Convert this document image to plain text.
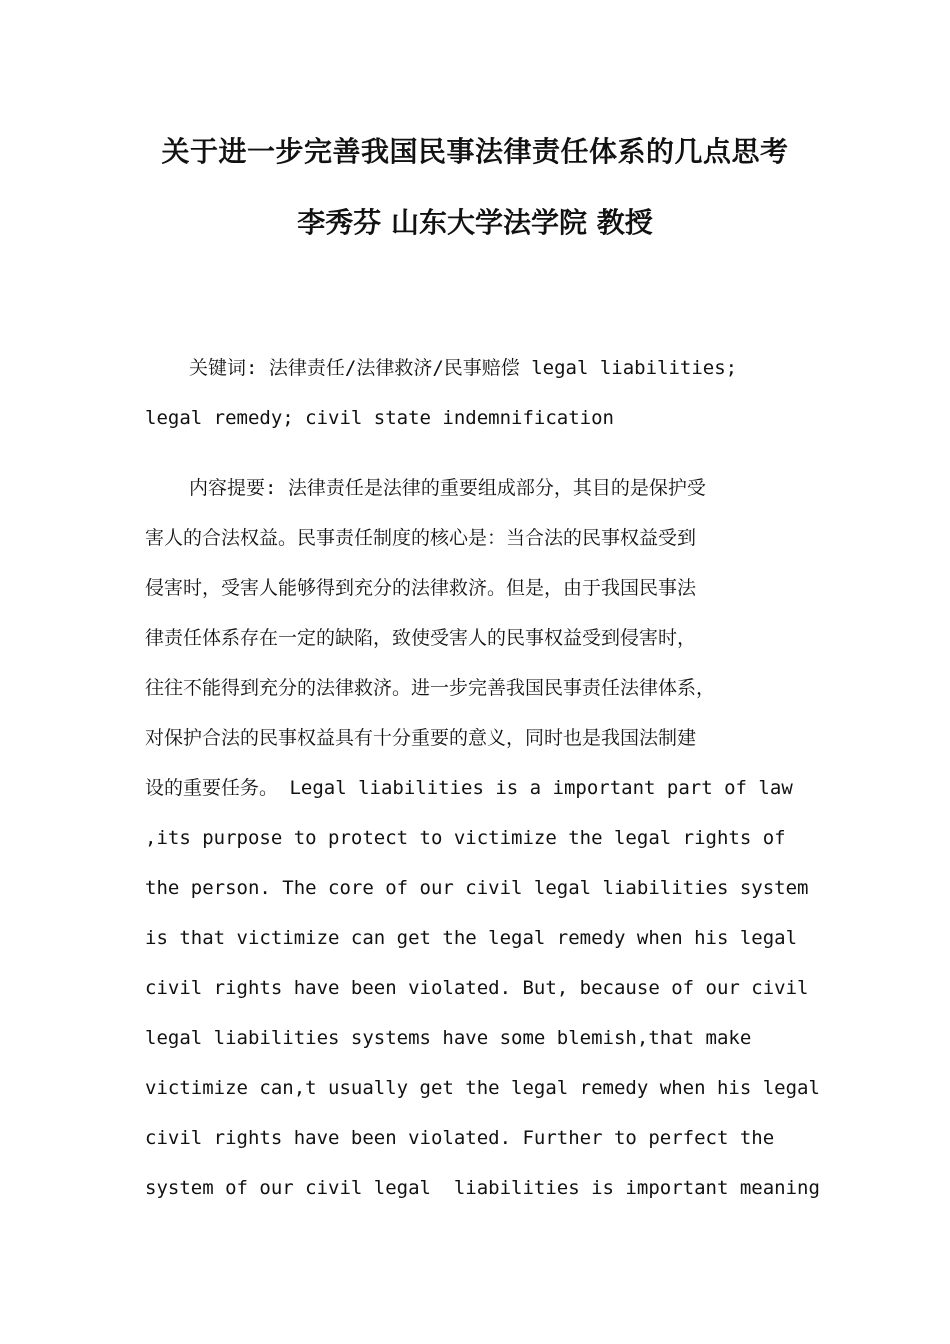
关于进一步完善我国民事法律责任体系的几点思考
李秀芬 山东大学法学院 教授
关键词: 法律责任/法律救济/民事赔偿 legal liabilities;
legal remedy; civil state indemnification
内容提要: 法律责任是法律的重要组成部分，其目的是保护受
害人的合法权益。民事责任制度的核心是：当合法的民事权益受到
侵害时，受害人能够得到充分的法律救济。但是，由于我国民事法
律责任体系存在一定的缺陷，致使受害人的民事权益受到侵害时，
往往不能得到充分的法律救济。进一步完善我国民事责任法律体系，
对保护合法的民事权益具有十分重要的意义，同时也是我国法制建
设的重要任务。 Legal liabilities is a important part of law
,its purpose to protect to victimize the legal rights of
the person. The core of our civil legal liabilities system
is that victimize can get the legal remedy when his legal
civil rights have been violated. But, because of our civil
legal liabilities systems have some blemish,that make
victimize can,t usually get the legal remedy when his legal
civil rights have been violated. Further to perfect the
system of our civil legal  liabilities is important meaning
